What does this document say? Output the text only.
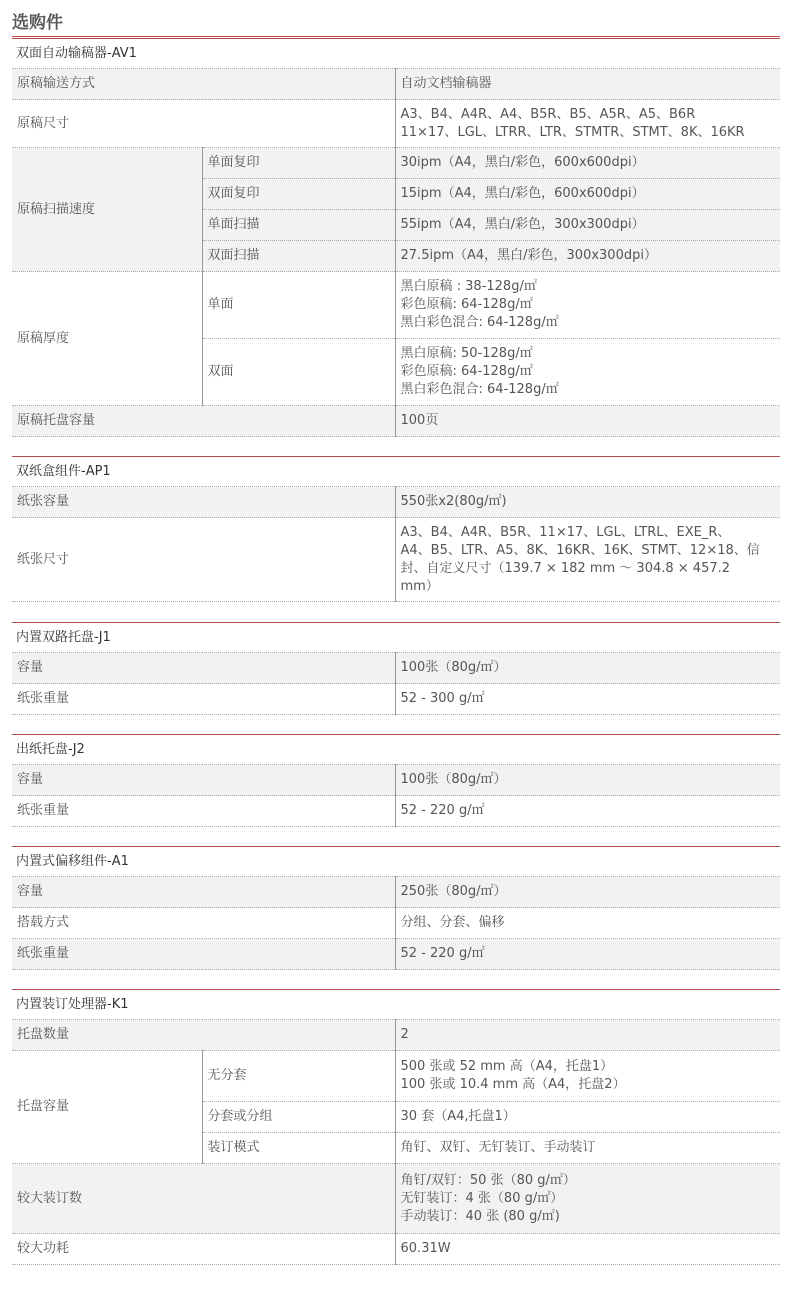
选购件
双面自动输稿器-AV1
原稿输送方式		自动文档输稿器
原稿尺寸		A3、B4、A4R、A4、B5R、B5、A5R、A5、B6R
11×17、LGL、LTRR、LTR、STMTR、STMT、8K、16KR
原稿扫描速度	单面复印	30ipm（A4，黑白/彩色，600x600dpi）
	双面复印	15ipm（A4，黑白/彩色，600x600dpi）
	单面扫描	55ipm（A4，黑白/彩色，300x300dpi）
	双面扫描	27.5ipm（A4，黑白/彩色，300x300dpi）
原稿厚度	单面	黑白原稿 : 38-128g/㎡
彩色原稿: 64-128g/㎡
黑白彩色混合: 64-128g/㎡
	双面	黑白原稿: 50-128g/㎡
彩色原稿: 64-128g/㎡
黑白彩色混合: 64-128g/㎡
原稿托盘容量		100页
双纸盒组件-AP1
纸张容量	550张x2(80g/㎡)
纸张尺寸	A3、B4、A4R、B5R、11×17、LGL、LTRL、EXE_R、
A4、B5、LTR、A5、8K、16KR、16K、STMT、12×18、信
封、自定义尺寸（139.7 × 182 mm ～ 304.8 × 457.2
mm）
内置双路托盘-J1
容量	100张（80g/㎡）
纸张重量	52 - 300 g/㎡
出纸托盘-J2
容量	100张（80g/㎡）
纸张重量	52 - 220 g/㎡
内置式偏移组件-A1
容量	250张（80g/㎡）
搭载方式	分组、分套、偏移
纸张重量	52 - 220 g/㎡
内置装订处理器-K1
托盘数量		2
托盘容量	无分套	500 张或 52 mm 高（A4，托盘1）
100 张或 10.4 mm 高（A4，托盘2）
	分套或分组	30 套（A4,托盘1）
	装订模式	角钉、双钉、无钉装订、手动装订
较大装订数		角钉/双钉：50 张（80 g/㎡）
无钉装订：4 张（80 g/㎡）
手动装订：40 张 (80 g/㎡)
较大功耗		60.31W
